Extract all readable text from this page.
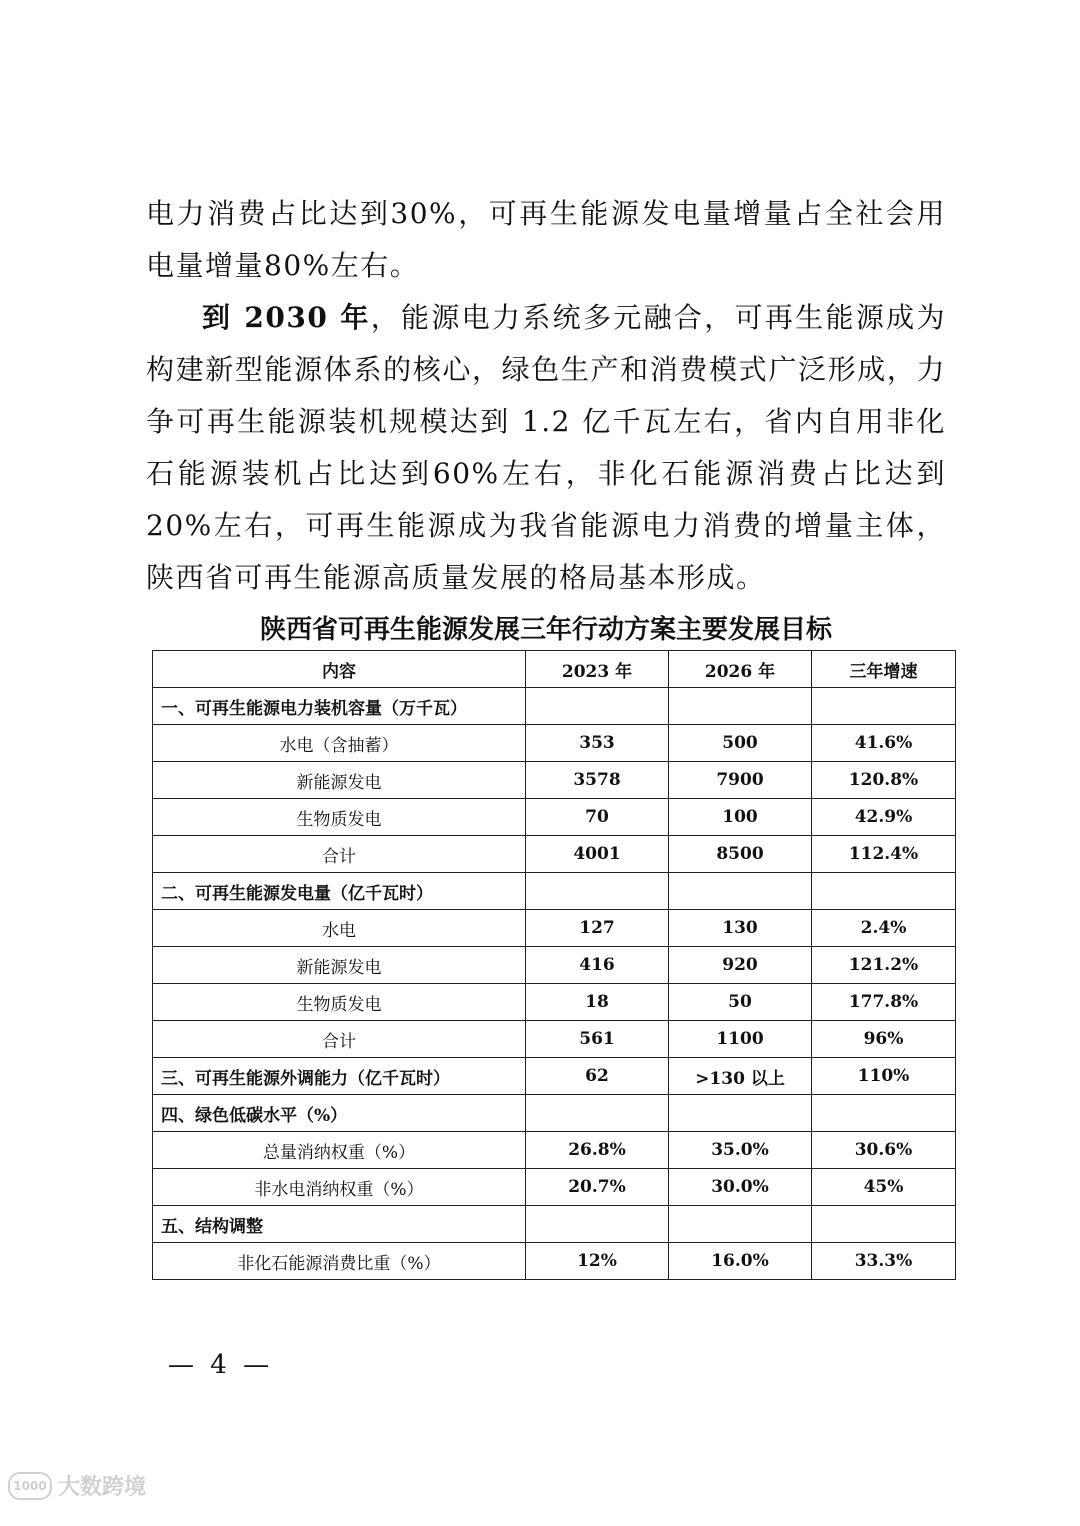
电力消费占比达到30%，可再生能源发电量增量占全社会用电量增量80%左右。

到 2030 年，能源电力系统多元融合，可再生能源成为构建新型能源体系的核心，绿色生产和消费模式广泛形成，力争可再生能源装机规模达到 1.2 亿千瓦左右，省内自用非化石能源装机占比达到60%左右，非化石能源消费占比达到20%左右，可再生能源成为我省能源电力消费的增量主体，陕西省可再生能源高质量发展的格局基本形成。

陕西省可再生能源发展三年行动方案主要发展目标
内容	2023 年	2026 年	三年增速
一、可再生能源电力装机容量（万千瓦）			
水电（含抽蓄）	353	500	41.6%
新能源发电	3578	7900	120.8%
生物质发电	70	100	42.9%
合计	4001	8500	112.4%
二、可再生能源发电量（亿千瓦时）			
水电	127	130	2.4%
新能源发电	416	920	121.2%
生物质发电	18	50	177.8%
合计	561	1100	96%
三、可再生能源外调能力（亿千瓦时）	62	>130 以上	110%
四、绿色低碳水平（%）			
总量消纳权重（%）	26.8%	35.0%	30.6%
非水电消纳权重（%）	20.7%	30.0%	45%
五、结构调整			
非化石能源消费比重（%）	12%	16.0%	33.3%
— 4 —
1000 大数跨境
